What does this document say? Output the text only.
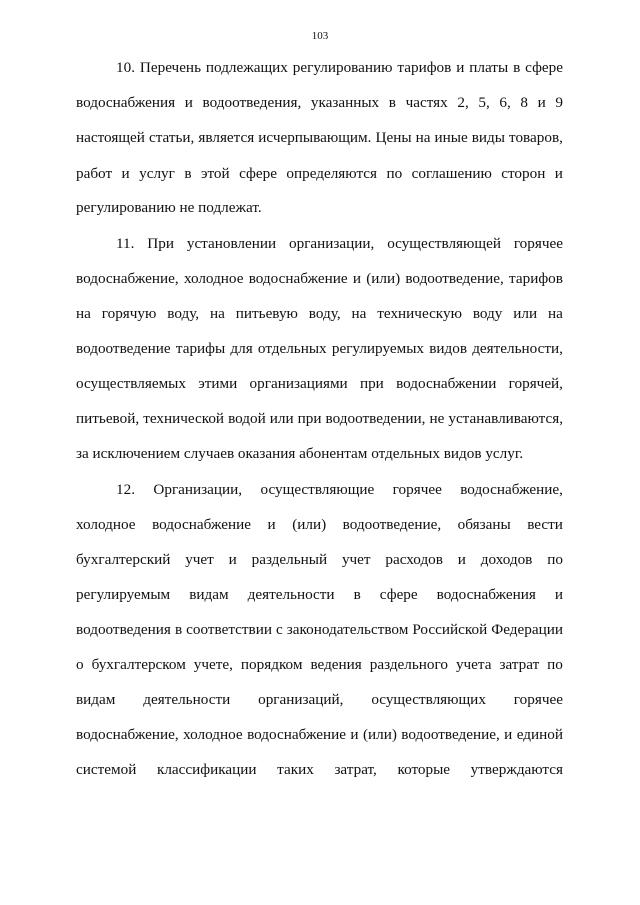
103
10. Перечень подлежащих регулированию тарифов и платы в сфере
водоснабжения и водоотведения, указанных в частях 2, 5, 6, 8 и 9
настоящей статьи, является исчерпывающим. Цены на иные виды товаров,
работ и услуг в этой сфере определяются по соглашению сторон и
регулированию не подлежат.
11. При установлении организации, осуществляющей горячее
водоснабжение, холодное водоснабжение и (или) водоотведение, тарифов
на горячую воду, на питьевую воду, на техническую воду или на
водоотведение тарифы для отдельных регулируемых видов деятельности,
осуществляемых этими организациями при водоснабжении горячей,
питьевой, технической водой или при водоотведении, не устанавливаются,
за исключением случаев оказания абонентам отдельных видов услуг.
12. Организации, осуществляющие горячее водоснабжение,
холодное водоснабжение и (или) водоотведение, обязаны вести
бухгалтерский учет и раздельный учет расходов и доходов по
регулируемым видам деятельности в сфере водоснабжения и
водоотведения в соответствии с законодательством Российской Федерации
о бухгалтерском учете, порядком ведения раздельного учета затрат по
видам деятельности организаций, осуществляющих горячее
водоснабжение, холодное водоснабжение и (или) водоотведение, и единой
системой классификации таких затрат, которые утверждаются
